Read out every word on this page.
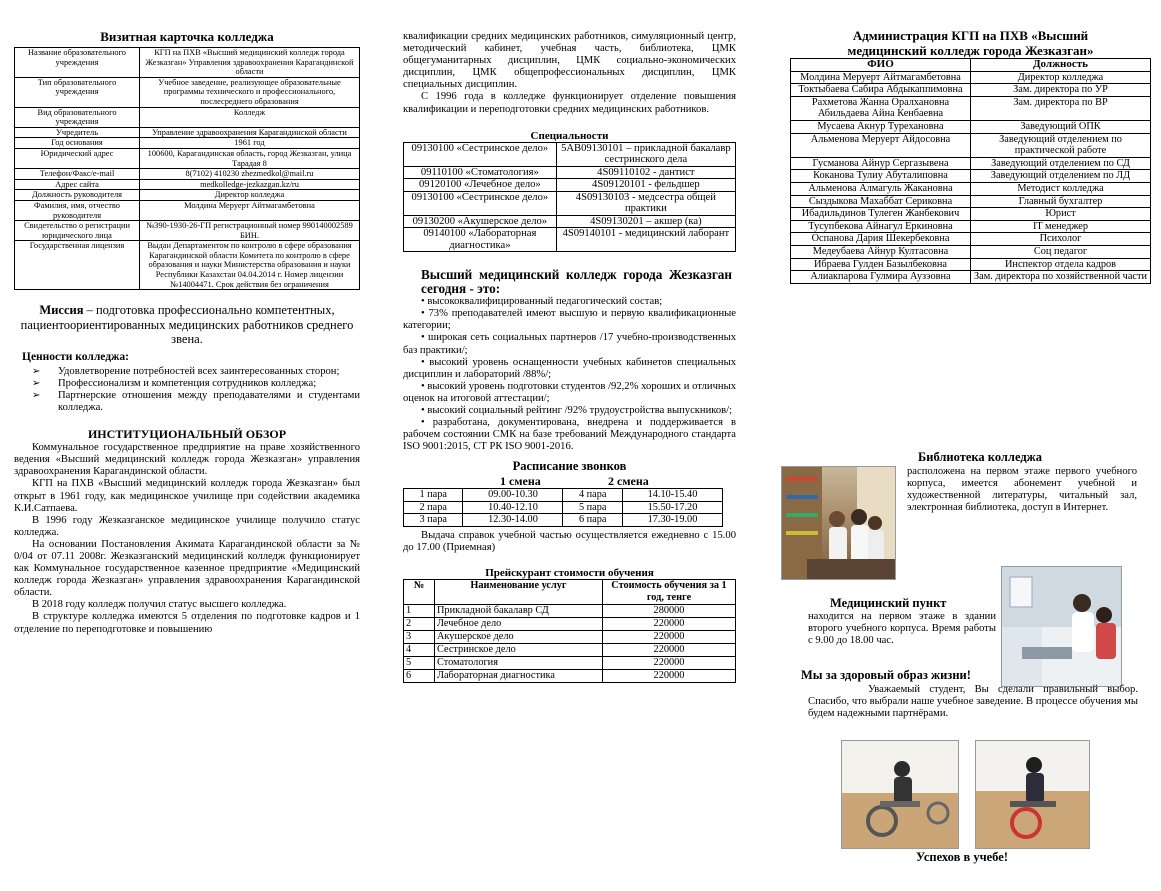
Визитная карточка колледжа
Название образовательного учреждения	КГП на ПХВ «Высший медицинский колледж города Жезказган» Управления здравоохранения Карагандинской области
Тип образовательного учреждения	Учебное заведение, реализующее образовательные программы технического и профессионального, послесреднего образования
Вид образовательного учреждения	Колледж
Учредитель	Управление здравоохранения Карагандинской области
Год основания	1961 год
Юридический адрес	100600, Карагандинская область, город Жезказган, улица Тарадая 8
Телефон/Факс/e-mail	8(7102) 410230 zhezmedkol@mail.ru
Адрес сайта	medkolledge-jezkazgan.kz/ru
Должность руководителя	Директор колледжа
Фамилия, имя, отчество руководителя	Молдина Меруерт Айтмагамбетовна
Свидетельство о регистрации юридического лица	№390-1930-26-ГП регистрационный номер 990140002589 БИН.
Государственная лицензия	Выдан Департаментом по контролю в сфере образования Карагандинской области Комитета по контролю в сфере образования и науки Министерства образования и науки Республики Казахстан 04.04.2014 г. Номер лицензии №14004471. Срок действия без ограничения
Миссия – подготовка профессионально компетентных, пациентоориентированных медицинских работников среднего звена.
Ценности колледжа:
➢ Удовлетворение потребностей всех заинтересованных сторон;
➢ Профессионализм и компетенция сотрудников колледжа;
➢ Партнерские отношения между преподавателями и студентами колледжа.
ИНСТИТУЦИОНАЛЬНЫЙ ОБЗОР
Коммунальное государственное предприятие на праве хозяйственного ведения «Высший медицинский колледж города Жезказган» управления здравоохранения Карагандинской области.
КГП на ПХВ «Высший медицинский колледж города Жезказган» был открыт в 1961 году, как медицинское училище при содействии академика К.И.Сатпаева.
В 1996 году Жезказганское медицинское училище получило статус колледжа.
На основании Постановления Акимата Карагандинской области за № 0/04 от 07.11 2008г. Жезказганский медицинский колледж функционирует как Коммунальное государственное казенное предприятие «Медицинский колледж города Жезказган» управления здравоохранения Карагандинской области.
В 2018 году колледж получил статус высшего колледжа.
В структуре колледжа имеются 5 отделения по подготовке кадров и 1 отделение по переподготовке и повышению
квалификации средних медицинских работников, симуляционный центр, методический кабинет, учебная часть, библиотека, ЦМК общегуманитарных дисциплин, ЦМК социально-экономических дисциплин, ЦМК общепрофессиональных дисциплин, ЦМК специальных дисциплин.
С 1996 года в колледже функционирует отделение повышения квалификации и переподготовки средних медицинских работников.
Специальности
09130100 «Сестринское дело»	5АВ09130101 – прикладной бакалавр сестринского дела
09110100 «Стоматология»	4S09110102 - дантист
09120100 «Лечебное дело»	4S09120101 - фельдшер
09130100 «Сестринское дело»	4S09130103 - медсестра общей практики
09130200 «Акушерское дело»	4S09130201 – акшер (ка)
09140100 «Лабораторная диагностика»	4S09140101 - медицинский лаборант
Высший медицинский колледж города Жезказган сегодня - это:
• высококвалифицированный педагогический состав;
• 73% преподавателей имеют высшую и первую квалификационные категории;
• широкая сеть социальных партнеров /17 учебно-производственных баз практики/;
• высокий уровень оснащенности учебных кабинетов специальных дисциплин и лабораторий /88%/;
• высокий уровень подготовки студентов /92,2% хороших и отличных оценок на итоговой аттестации/;
• высокий социальный рейтинг /92% трудоустройства выпускников/;
• разработана, документирована, внедрена и поддерживается в рабочем состоянии СМК на базе требований Международного стандарта ISO 9001:2015, СТ РК ISO 9001-2016.
Расписание звонков
1 смена	2 смена
1 пара	09.00-10.30	4 пара	14.10-15.40
2 пара	10.40-12.10	5 пара	15.50-17.20
3 пара	12.30-14.00	6 пара	17.30-19.00
Выдача справок учебной частью осуществляется ежедневно с 15.00 до 17.00 (Приемная)
Прейскурант стоимости обучения
№	Наименование услуг	Стоимость обучения за 1 год, тенге
1	Прикладной бакалавр СД	280000
2	Лечебное дело	220000
3	Акушерское дело	220000
4	Сестринское дело	220000
5	Стоматология	220000
6	Лабораторная диагностика	220000
Администрация КГП на ПХВ «Высший медицинский колледж города Жезказган»
ФИО	Должность
Молдина Меруерт Айтмагамбетовна	Директор колледжа
Токтыбаева Сабира Абдыкаппимовна	Зам. директора по УР
Рахметова Жанна Оралхановна Абильдаева Айна Кенбаевна	Зам. директора по ВР
Мусаева Акнур Турехановна	Заведующий ОПК
Альменова Меруерт Айдосовна	Заведующий отделением по практической работе
Гусманова Айнур Сергазывена	Заведующий отделением по СД
Коканова Тулиу Абуталиповна	Заведующий отделением по ЛД
Альменова Алмагуль Жакановна	Методист колледжа
Сыздыкова Махаббат Сериковна	Главный бухгалтер
Ибадильдинов Тулеген Жанбекович	Юрист
Тусупбекова Айнагул Еркиновна	IT менеджер
Оспанова Дария Шекербековна	Психолог
Медеубаева Айнур Култасовна	Соц педагог
Ибраева Гулден Базылбековна	Инспектор отдела кадров
Алиакпарова Гулмира Аузэовна	Зам. директора по хозяйственной части
Библиотека колледжа
расположена на первом этаже первого учебного корпуса, имеется абонемент учебной и художественной литературы, читальный зал, электронная библиотека, доступ в Интернет.
Медицинский пункт
находится на первом этаже в здании второго учебного корпуса. Время работы с 9.00 до 18.00 час.
Мы за здоровый образ жизни!
Уважаемый студент, Вы сделали правильный выбор. Спасибо, что выбрали наше учебное заведение. В процессе обучения мы будем надежными партнёрами.
Успехов в учебе!
